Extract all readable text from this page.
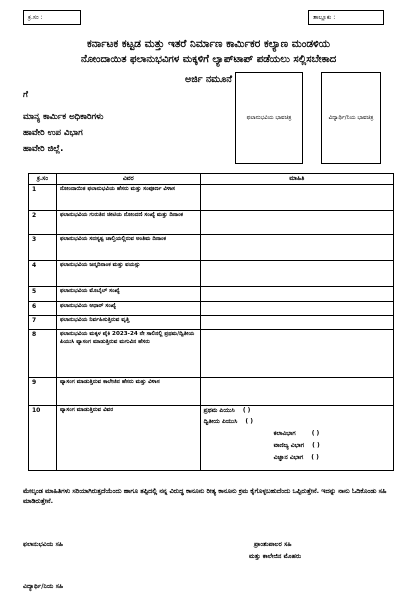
ಕ್ರ.ಸಂ :	ತಾಲ್ಲೂಕು :
ಕರ್ನಾಟಕ ಕಟ್ಟಡ ಮತ್ತು ಇತರೆ ನಿರ್ಮಾಣ ಕಾರ್ಮಿಕರ ಕಲ್ಯಾಣ ಮಂಡಳಿಯ
ನೋಂದಾಯಿತ ಫಲಾನುಭವಿಗಳ ಮಕ್ಕಳಿಗೆ ಲ್ಯಾಪ್‌ಟಾಪ್ ಪಡೆಯಲು ಸಲ್ಲಿಸಬೇಕಾದ
ಅರ್ಜಿ ನಮೂನೆ
ಫಲಾನುಭವಿಯ ಭಾವಚಿತ್ರ	ವಿದ್ಯಾರ್ಥಿ/ನಿಯ ಭಾವಚಿತ್ರ
ಗೆ
ಮಾನ್ಯ ಕಾರ್ಮಿಕ ಅಧಿಕಾರಿಗಳು
ಹಾವೇರಿ ಉಪ ವಿಭಾಗ
ಹಾವೇರಿ ಜಿಲ್ಲೆ.
ಕ್ರ.ಸಂ	ವಿವರ	ಮಾಹಿತಿ
1	ನೋಂದಾಯಿತ ಫಲಾನುಭವಿಯ ಹೆಸರು ಮತ್ತು ಸಂಪೂರ್ಣ ವಿಳಾಸ	
2	ಫಲಾನುಭವಿಯ ಗುರುತಿನ ಚೀಟಿಯ ನೋಂದಣಿ ಸಂಖ್ಯೆ ಮತ್ತು ದಿನಾಂಕ	
3	ಫಲಾನುಭವಿಯ ಸದಸ್ಯತ್ವ ಚಾಲ್ತಿಯಲ್ಲಿರುವ ಅಂತಿಮ ದಿನಾಂಕ	
4	ಫಲಾನುಭವಿಯ ಜನ್ಮದಿನಾಂಕ ಮತ್ತು ವಯಸ್ಸು	
5	ಫಲಾನುಭವಿಯ ಮೊಬೈಲ್ ಸಂಖ್ಯೆ	
6	ಫಲಾನುಭವಿಯ ಆಧಾರ್ ಸಂಖ್ಯೆ	
7	ಫಲಾನುಭವಿಯ ನಿರ್ವಹಿಸುತ್ತಿರುವ ವೃತ್ತಿ	
8	ಫಲಾನುಭವಿಯ ಮಕ್ಕಳ ಪೈಕಿ 2023-24 ನೇ ಸಾಲಿನಲ್ಲಿ ಪ್ರಥಮ/ದ್ವಿತೀಯ ಪಿಯುಸಿ ವ್ಯಾಸಂಗ ಮಾಡುತ್ತಿರುವ ಮಗುವಿನ ಹೆಸರು	
9	ವ್ಯಾಸಂಗ ಮಾಡುತ್ತಿರುವ ಕಾಲೇಜಿನ ಹೆಸರು ಮತ್ತು ವಿಳಾಸ	
10	ವ್ಯಾಸಂಗ ಮಾಡುತ್ತಿರುವ ವಿವರ	ಪ್ರಥಮ ಪಿಯುಸಿ ( )
ದ್ವಿತೀಯ ಪಿಯುಸಿ ( )
ಕಲಾವಿಭಾಗ ( )
ವಾಣಿಜ್ಯ ವಿಭಾಗ ( )
ವಿಜ್ಞಾನ ವಿಭಾಗ ( )
ಮೇಲ್ಕಂಡ ಮಾಹಿತಿಗಳು ಸರಿಯಾಗಿರುತ್ತದೆಯೆಂದು ಹಾಗೂ ತಪ್ಪಿದಲ್ಲಿ ನನ್ನ ವಿರುದ್ಧ ಕಾನೂನು ರೀತ್ಯ ಕಾನೂನು ಕ್ರಮ ಕೈಗೊಳ್ಳಬಹುದೆಂದು ಒಪ್ಪಿರುತ್ತೇನೆ. ಇದನ್ನು ನಾನು ಓದಿಕೊಂಡು ಸಹಿ ಮಾಡಿರುತ್ತೇನೆ.
ಫಲಾನುಭವಿಯ ಸಹಿ	ಪ್ರಾಂಶುಪಾಲರ ಸಹಿ
ಮತ್ತು ಕಾಲೇಜಿನ ಮೊಹರು
ವಿದ್ಯಾರ್ಥಿ/ನಿಯ ಸಹಿ
